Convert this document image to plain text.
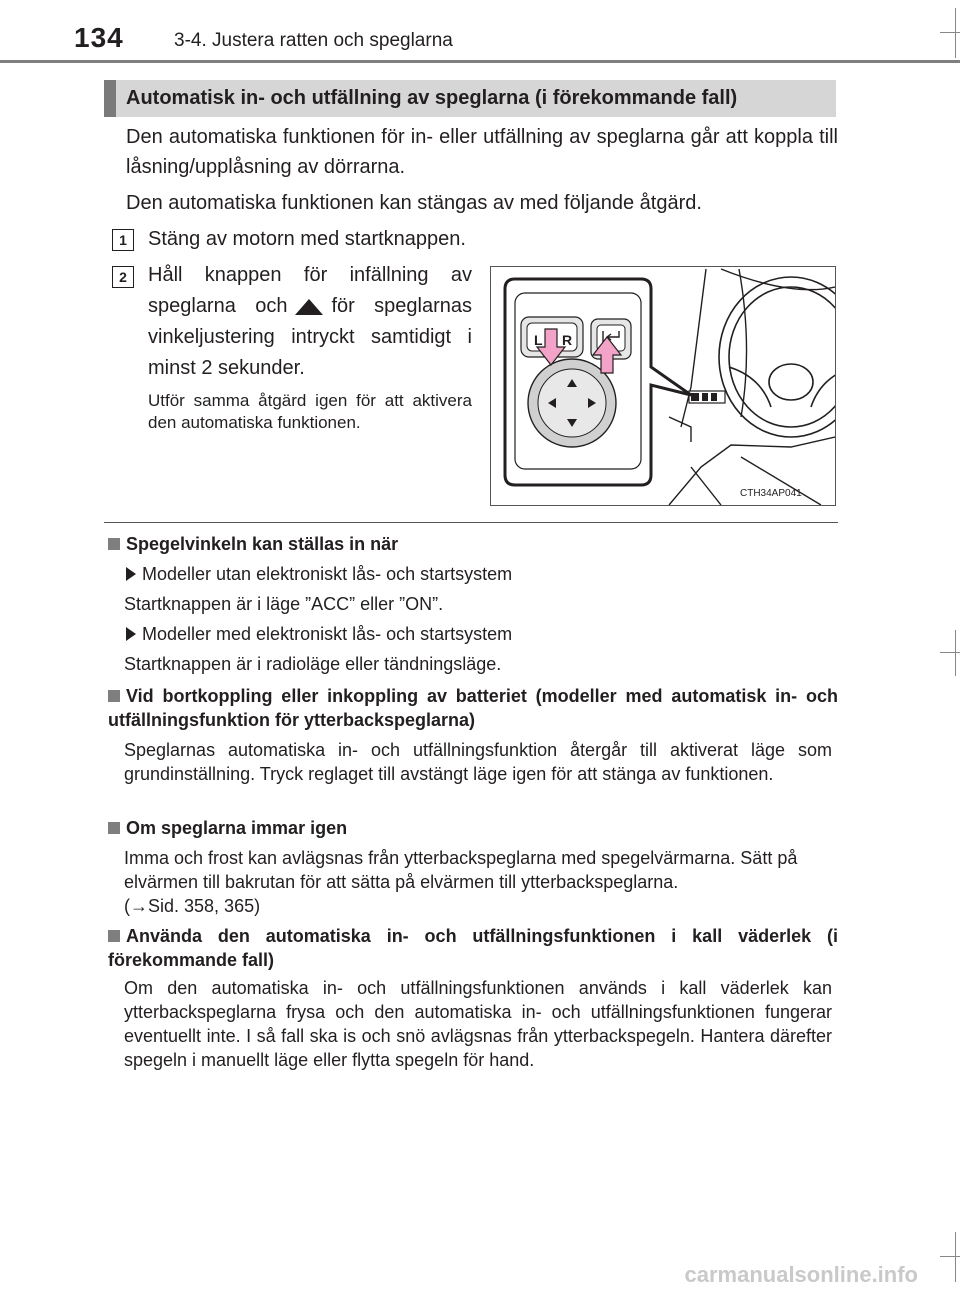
134	3-4. Justera ratten och speglarna
Automatisk in- och utfällning av speglarna (i förekommande fall)
Den automatiska funktionen för in- eller utfällning av speglarna går att koppla till låsning/upplåsning av dörrarna.
Den automatiska funktionen kan stängas av med följande åtgärd.
1	Stäng av motorn med startknappen.
2	Håll knappen för infällning av speglarna och för speglarnas vinkeljustering intryckt samtidigt i minst 2 sekunder.
Utför samma åtgärd igen för att aktivera den automatiska funktionen.
L R
CTH34AP041
Spegelvinkeln kan ställas in när
Modeller utan elektroniskt lås- och startsystem
Startknappen är i läge ”ACC” eller ”ON”.
Modeller med elektroniskt lås- och startsystem
Startknappen är i radioläge eller tändningsläge.
Vid bortkoppling eller inkoppling av batteriet (modeller med automatisk in- och utfällningsfunktion för ytterbackspeglarna)
Speglarnas automatiska in- och utfällningsfunktion återgår till aktiverat läge som grundinställning. Tryck reglaget till avstängt läge igen för att stänga av funktionen.
Om speglarna immar igen
Imma och frost kan avlägsnas från ytterbackspeglarna med spegelvärmarna. Sätt på elvärmen till bakrutan för att sätta på elvärmen till ytterbackspeglarna.
(→Sid. 358, 365)
Använda den automatiska in- och utfällningsfunktionen i kall väderlek (i förekommande fall)
Om den automatiska in- och utfällningsfunktionen används i kall väderlek kan ytterbackspeglarna frysa och den automatiska in- och utfällningsfunktionen fungerar eventuellt inte. I så fall ska is och snö avlägsnas från ytterbackspegeln. Hantera därefter spegeln i manuellt läge eller flytta spegeln för hand.
carmanualsonline.info
